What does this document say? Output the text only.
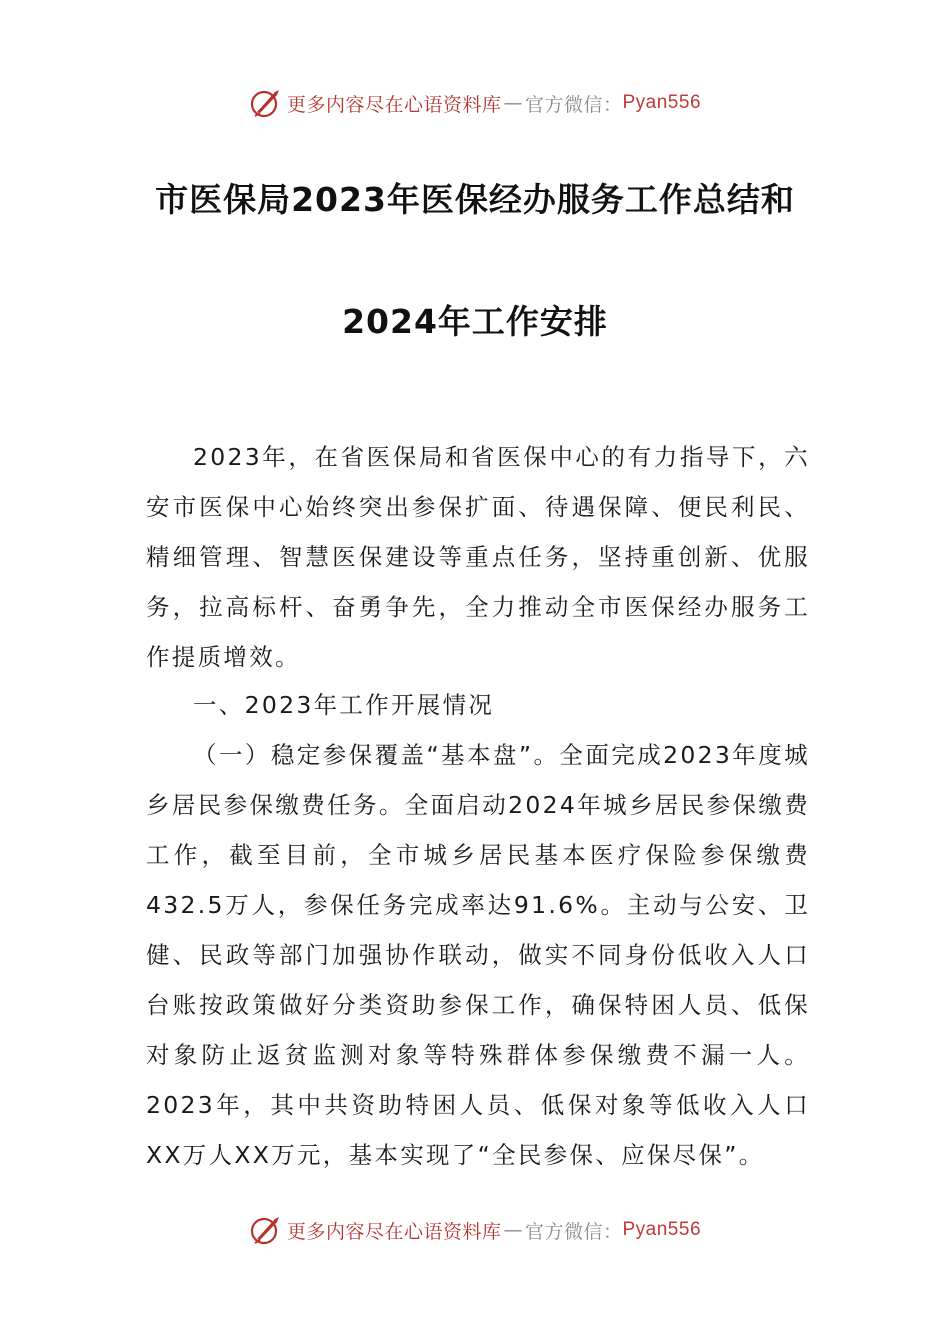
更多内容尽在心语资料库 — 官方微信： Pyan556
市医保局2023年医保经办服务工作总结和
2024年工作安排

2023年，在省医保局和省医保中心的有力指导下，六安市医保中心始终突出参保扩面、待遇保障、便民利民、精细管理、智慧医保建设等重点任务，坚持重创新、优服务，拉高标杆、奋勇争先，全力推动全市医保经办服务工作提质增效。

一、2023年工作开展情况

（一）稳定参保覆盖“基本盘”。全面完成2023年度城乡居民参保缴费任务。全面启动2024年城乡居民参保缴费工作，截至目前，全市城乡居民基本医疗保险参保缴费432.5万人，参保任务完成率达91.6%。主动与公安、卫健、民政等部门加强协作联动，做实不同身份低收入人口台账按政策做好分类资助参保工作，确保特困人员、低保对象防止返贫监测对象等特殊群体参保缴费不漏一人。2023年，其中共资助特困人员、低保对象等低收入人口XX万人XX万元，基本实现了“全民参保、应保尽保”。

更多内容尽在心语资料库 — 官方微信： Pyan556
